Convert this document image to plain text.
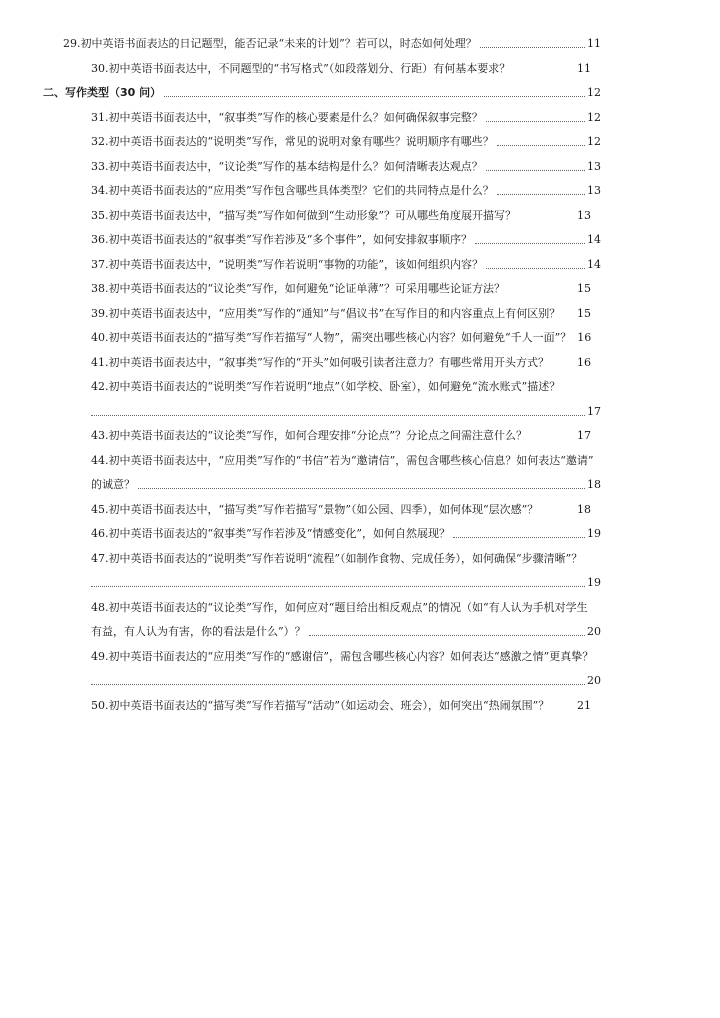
29.初中英语书面表达的日记题型，能否记录“未来的计划”？若可以，时态如何处理？	11
30.初中英语书面表达中，不同题型的“书写格式”（如段落划分、行距）有何基本要求？	11
二、写作类型（30 问）	12
31.初中英语书面表达中，“叙事类”写作的核心要素是什么？如何确保叙事完整？	12
32.初中英语书面表达的“说明类”写作，常见的说明对象有哪些？说明顺序有哪些？	12
33.初中英语书面表达中，“议论类”写作的基本结构是什么？如何清晰表达观点？	13
34.初中英语书面表达的“应用类”写作包含哪些具体类型？它们的共同特点是什么？	13
35.初中英语书面表达中，“描写类”写作如何做到“生动形象”？可从哪些角度展开描写？	13
36.初中英语书面表达的“叙事类”写作若涉及“多个事件”，如何安排叙事顺序？	14
37.初中英语书面表达中，“说明类”写作若说明“事物的功能”，该如何组织内容？	14
38.初中英语书面表达的“议论类”写作，如何避免“论证单薄”？可采用哪些论证方法？	15
39.初中英语书面表达中，“应用类”写作的“通知”与“倡议书”在写作目的和内容重点上有何区别？ 15
40.初中英语书面表达的“描写类”写作若描写“人物”，需突出哪些核心内容？如何避免“千人一面”？ 16
41.初中英语书面表达中，“叙事类”写作的“开头”如何吸引读者注意力？有哪些常用开头方式？	16
42.初中英语书面表达的“说明类”写作若说明“地点”（如学校、卧室），如何避免“流水账式”描述？
17
43.初中英语书面表达的“议论类”写作，如何合理安排“分论点”？分论点之间需注意什么？	17
44.初中英语书面表达中，“应用类”写作的“书信”若为“邀请信”，需包含哪些核心信息？如何表达“邀请”
的诚意？	18
45.初中英语书面表达中，“描写类”写作若描写“景物”（如公园、四季），如何体现“层次感”？	18
46.初中英语书面表达的“叙事类”写作若涉及“情感变化”，如何自然展现？	19
47.初中英语书面表达的“说明类”写作若说明“流程”（如制作食物、完成任务），如何确保“步骤清晰”？
19
48.初中英语书面表达的“议论类”写作，如何应对“题目给出相反观点”的情况（如“有人认为手机对学生
有益，有人认为有害，你的看法是什么”）？	20
49.初中英语书面表达的“应用类”写作的“感谢信”，需包含哪些核心内容？如何表达“感激之情”更真挚？
20
50.初中英语书面表达的“描写类”写作若描写“活动”（如运动会、班会），如何突出“热闹氛围”？	21
